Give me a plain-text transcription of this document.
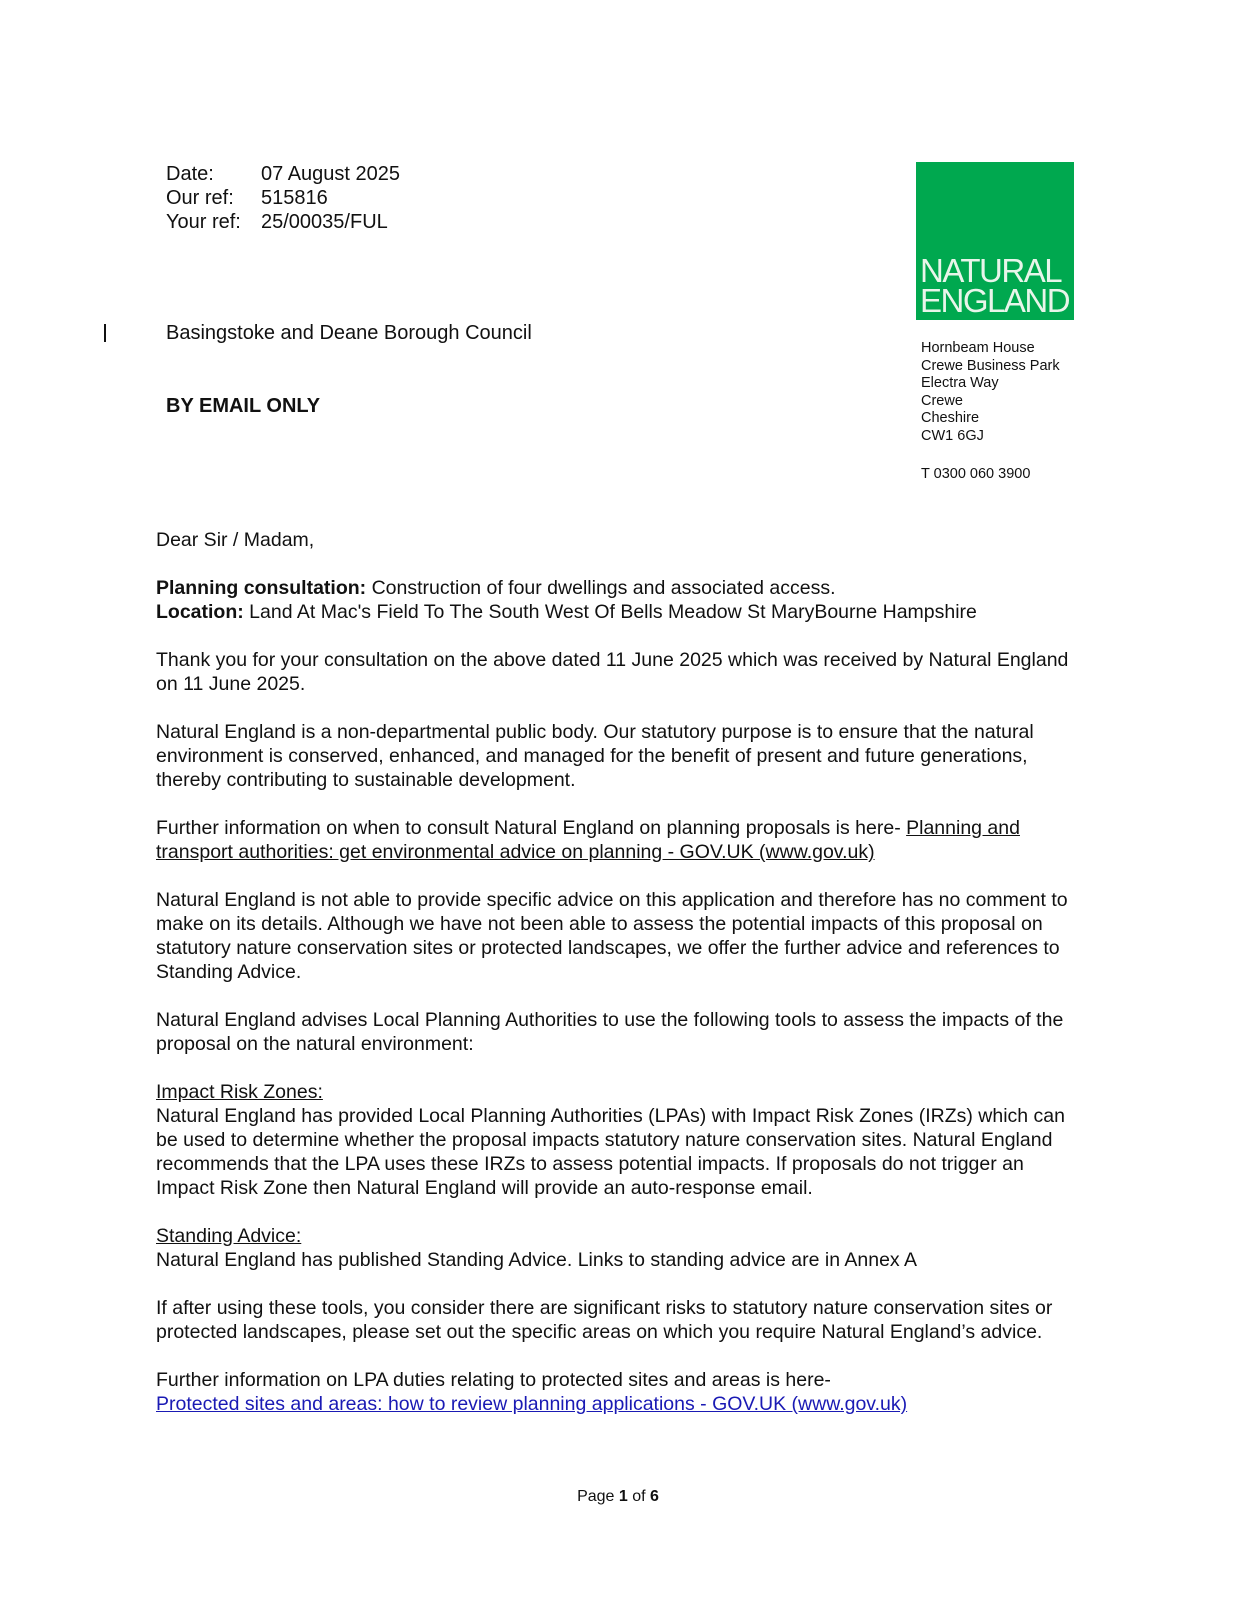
Date:	07 August 2025
Our ref:	515816
Your ref:	25/00035/FUL
NATURAL
ENGLAND
Basingstoke and Deane Borough Council
BY EMAIL ONLY
Hornbeam House
Crewe Business Park
Electra Way
Crewe
Cheshire
CW1 6GJ
T 0300 060 3900

Dear Sir / Madam,

Planning consultation: Construction of four dwellings and associated access.
Location: Land At Mac's Field To The South West Of Bells Meadow St MaryBourne Hampshire

Thank you for your consultation on the above dated 11 June 2025 which was received by Natural England on 11 June 2025.

Natural England is a non-departmental public body. Our statutory purpose is to ensure that the natural environment is conserved, enhanced, and managed for the benefit of present and future generations, thereby contributing to sustainable development.

Further information on when to consult Natural England on planning proposals is here- Planning and transport authorities: get environmental advice on planning - GOV.UK (www.gov.uk)

Natural England is not able to provide specific advice on this application and therefore has no comment to make on its details. Although we have not been able to assess the potential impacts of this proposal on statutory nature conservation sites or protected landscapes, we offer the further advice and references to Standing Advice.

Natural England advises Local Planning Authorities to use the following tools to assess the impacts of the proposal on the natural environment:

Impact Risk Zones:
Natural England has provided Local Planning Authorities (LPAs) with Impact Risk Zones (IRZs) which can be used to determine whether the proposal impacts statutory nature conservation sites. Natural England recommends that the LPA uses these IRZs to assess potential impacts. If proposals do not trigger an Impact Risk Zone then Natural England will provide an auto-response email.

Standing Advice:
Natural England has published Standing Advice. Links to standing advice are in Annex A

If after using these tools, you consider there are significant risks to statutory nature conservation sites or protected landscapes, please set out the specific areas on which you require Natural England’s advice.

Further information on LPA duties relating to protected sites and areas is here-
Protected sites and areas: how to review planning applications - GOV.UK (www.gov.uk)

Page 1 of 6
